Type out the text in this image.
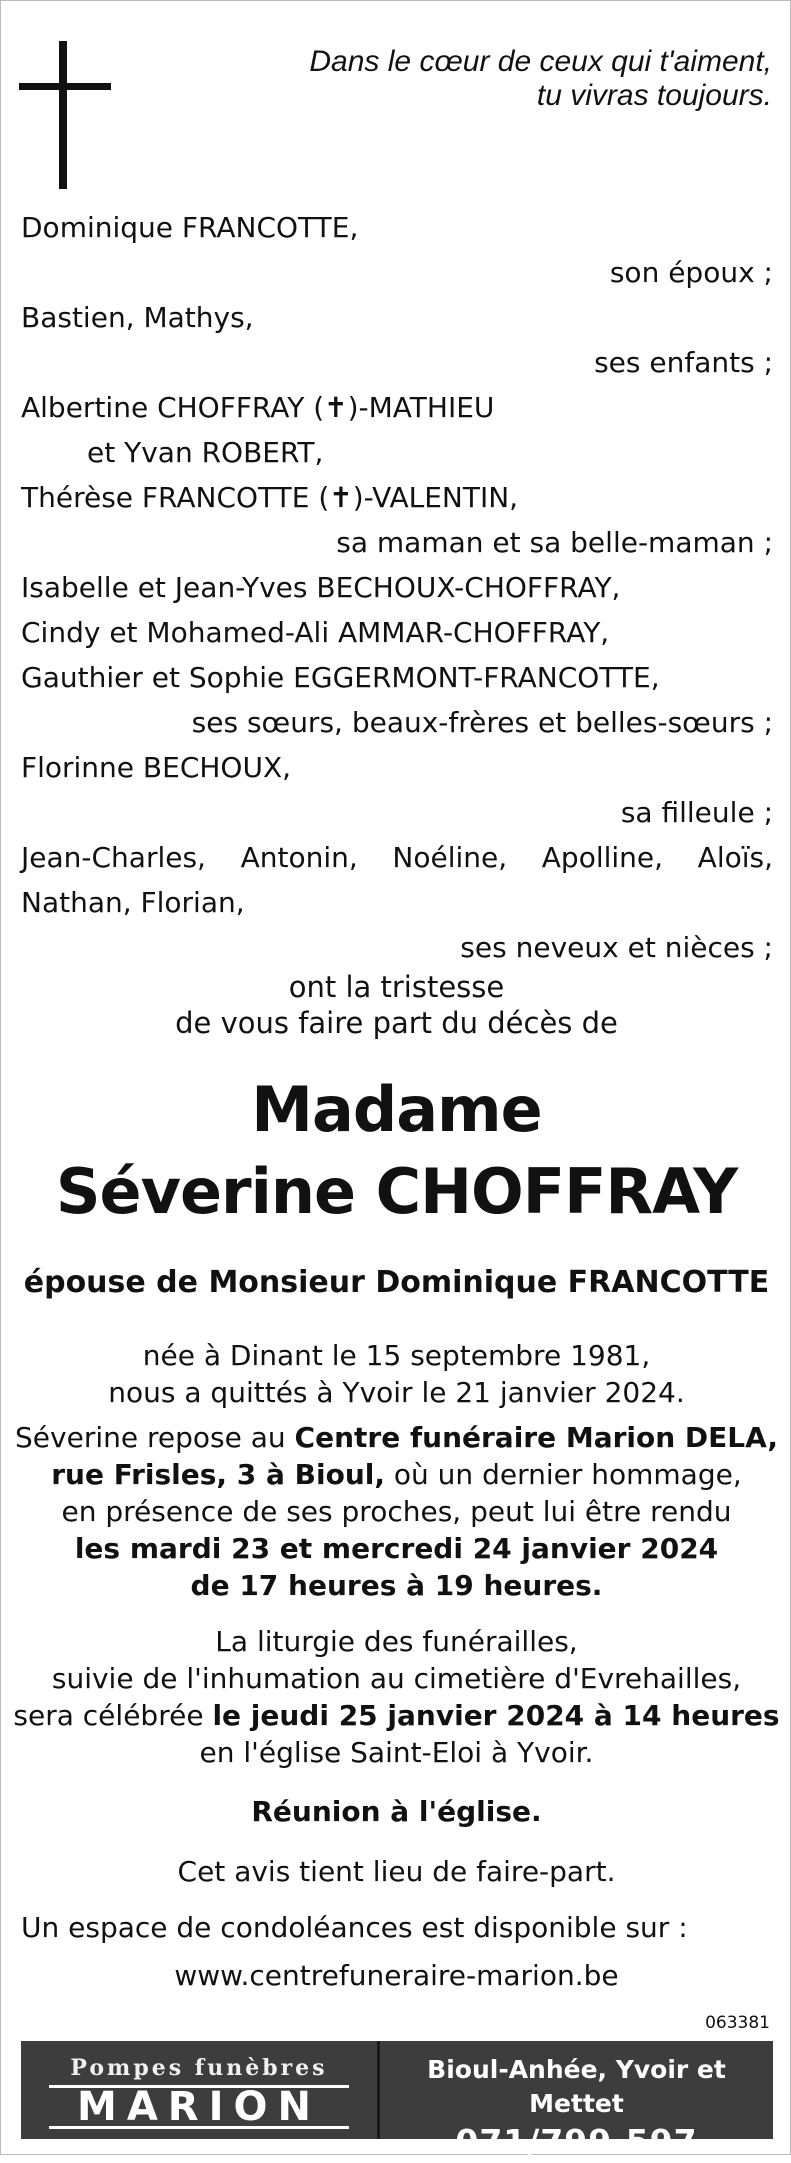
Dans le cœur de ceux qui t'aiment,
tu vivras toujours.
Dominique FRANCOTTE,
son époux ;
Bastien, Mathys,
ses enfants ;
Albertine CHOFFRAY (✝)-MATHIEU
et Yvan ROBERT,
Thérèse FRANCOTTE (✝)-VALENTIN,
sa maman et sa belle-maman ;
Isabelle et Jean-Yves BECHOUX-CHOFFRAY,
Cindy et Mohamed-Ali AMMAR-CHOFFRAY,
Gauthier et Sophie EGGERMONT-FRANCOTTE,
ses sœurs, beaux-frères et belles-sœurs ;
Florinne BECHOUX,
sa filleule ;
Jean-Charles, Antonin, Noéline, Apolline, Aloïs,
Nathan, Florian,
ses neveux et nièces ;
ont la tristesse
de vous faire part du décès de
Madame
Séverine CHOFFRAY
épouse de Monsieur Dominique FRANCOTTE
née à Dinant le 15 septembre 1981,
nous a quittés à Yvoir le 21 janvier 2024.
Séverine repose au Centre funéraire Marion DELA,
rue Frisles, 3 à Bioul, où un dernier hommage,
en présence de ses proches, peut lui être rendu
les mardi 23 et mercredi 24 janvier 2024
de 17 heures à 19 heures.
La liturgie des funérailles,
suivie de l'inhumation au cimetière d'Evrehailles,
sera célébrée le jeudi 25 janvier 2024 à 14 heures
en l'église Saint-Eloi à Yvoir.
Réunion à l'église.
Cet avis tient lieu de faire-part.
Un espace de condoléances est disponible sur :
www.centrefuneraire-marion.be
063381
Pompes funèbres
MARION
Bioul-Anhée, Yvoir et Mettet
071/799.597
